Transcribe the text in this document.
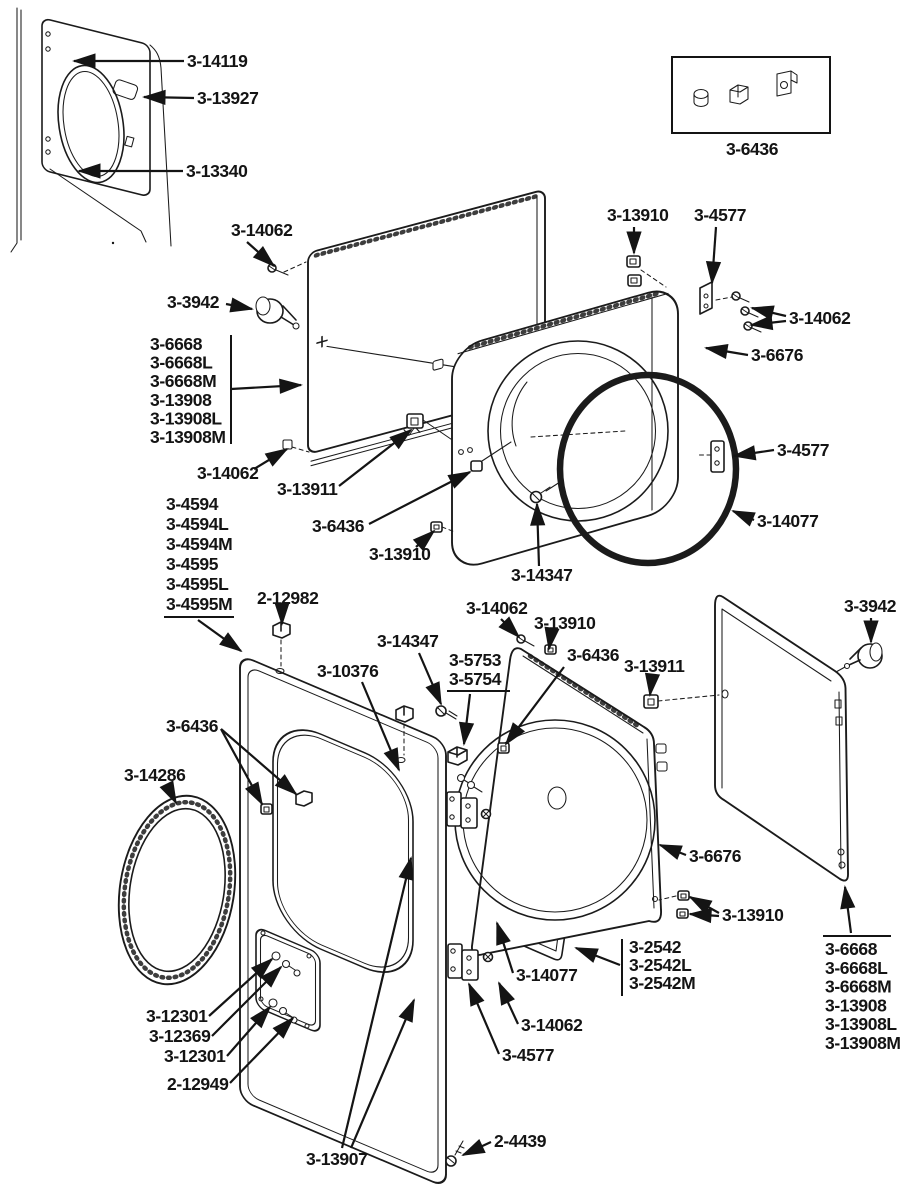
3-14119
3-13927
3-13340
3-14062
3-3942
3-6668
3-6668L
3-6668M
3-13908
3-13908L
3-13908M
3-14062
3-13911
3-6436
3-13910
3-14347
3-6436
3-13910 3-4577
3-14062
3-6676
3-4577
3-14077
3-4594
3-4594L
3-4594M
3-4595
3-4595L
3-4595M 2-12982
3-10376
3-14347
3-5753
3-5754
3-14062
3-13910
3-6436
3-13911
3-6436
3-14286
3-3942
3-6676
3-13910
3-2542
3-2542L
3-2542M
3-6668
3-6668L
3-6668M
3-13908
3-13908L
3-13908M
3-14077
3-14062
3-4577
3-12301
3-12369
3-12301
2-12949
3-13907
2-4439
